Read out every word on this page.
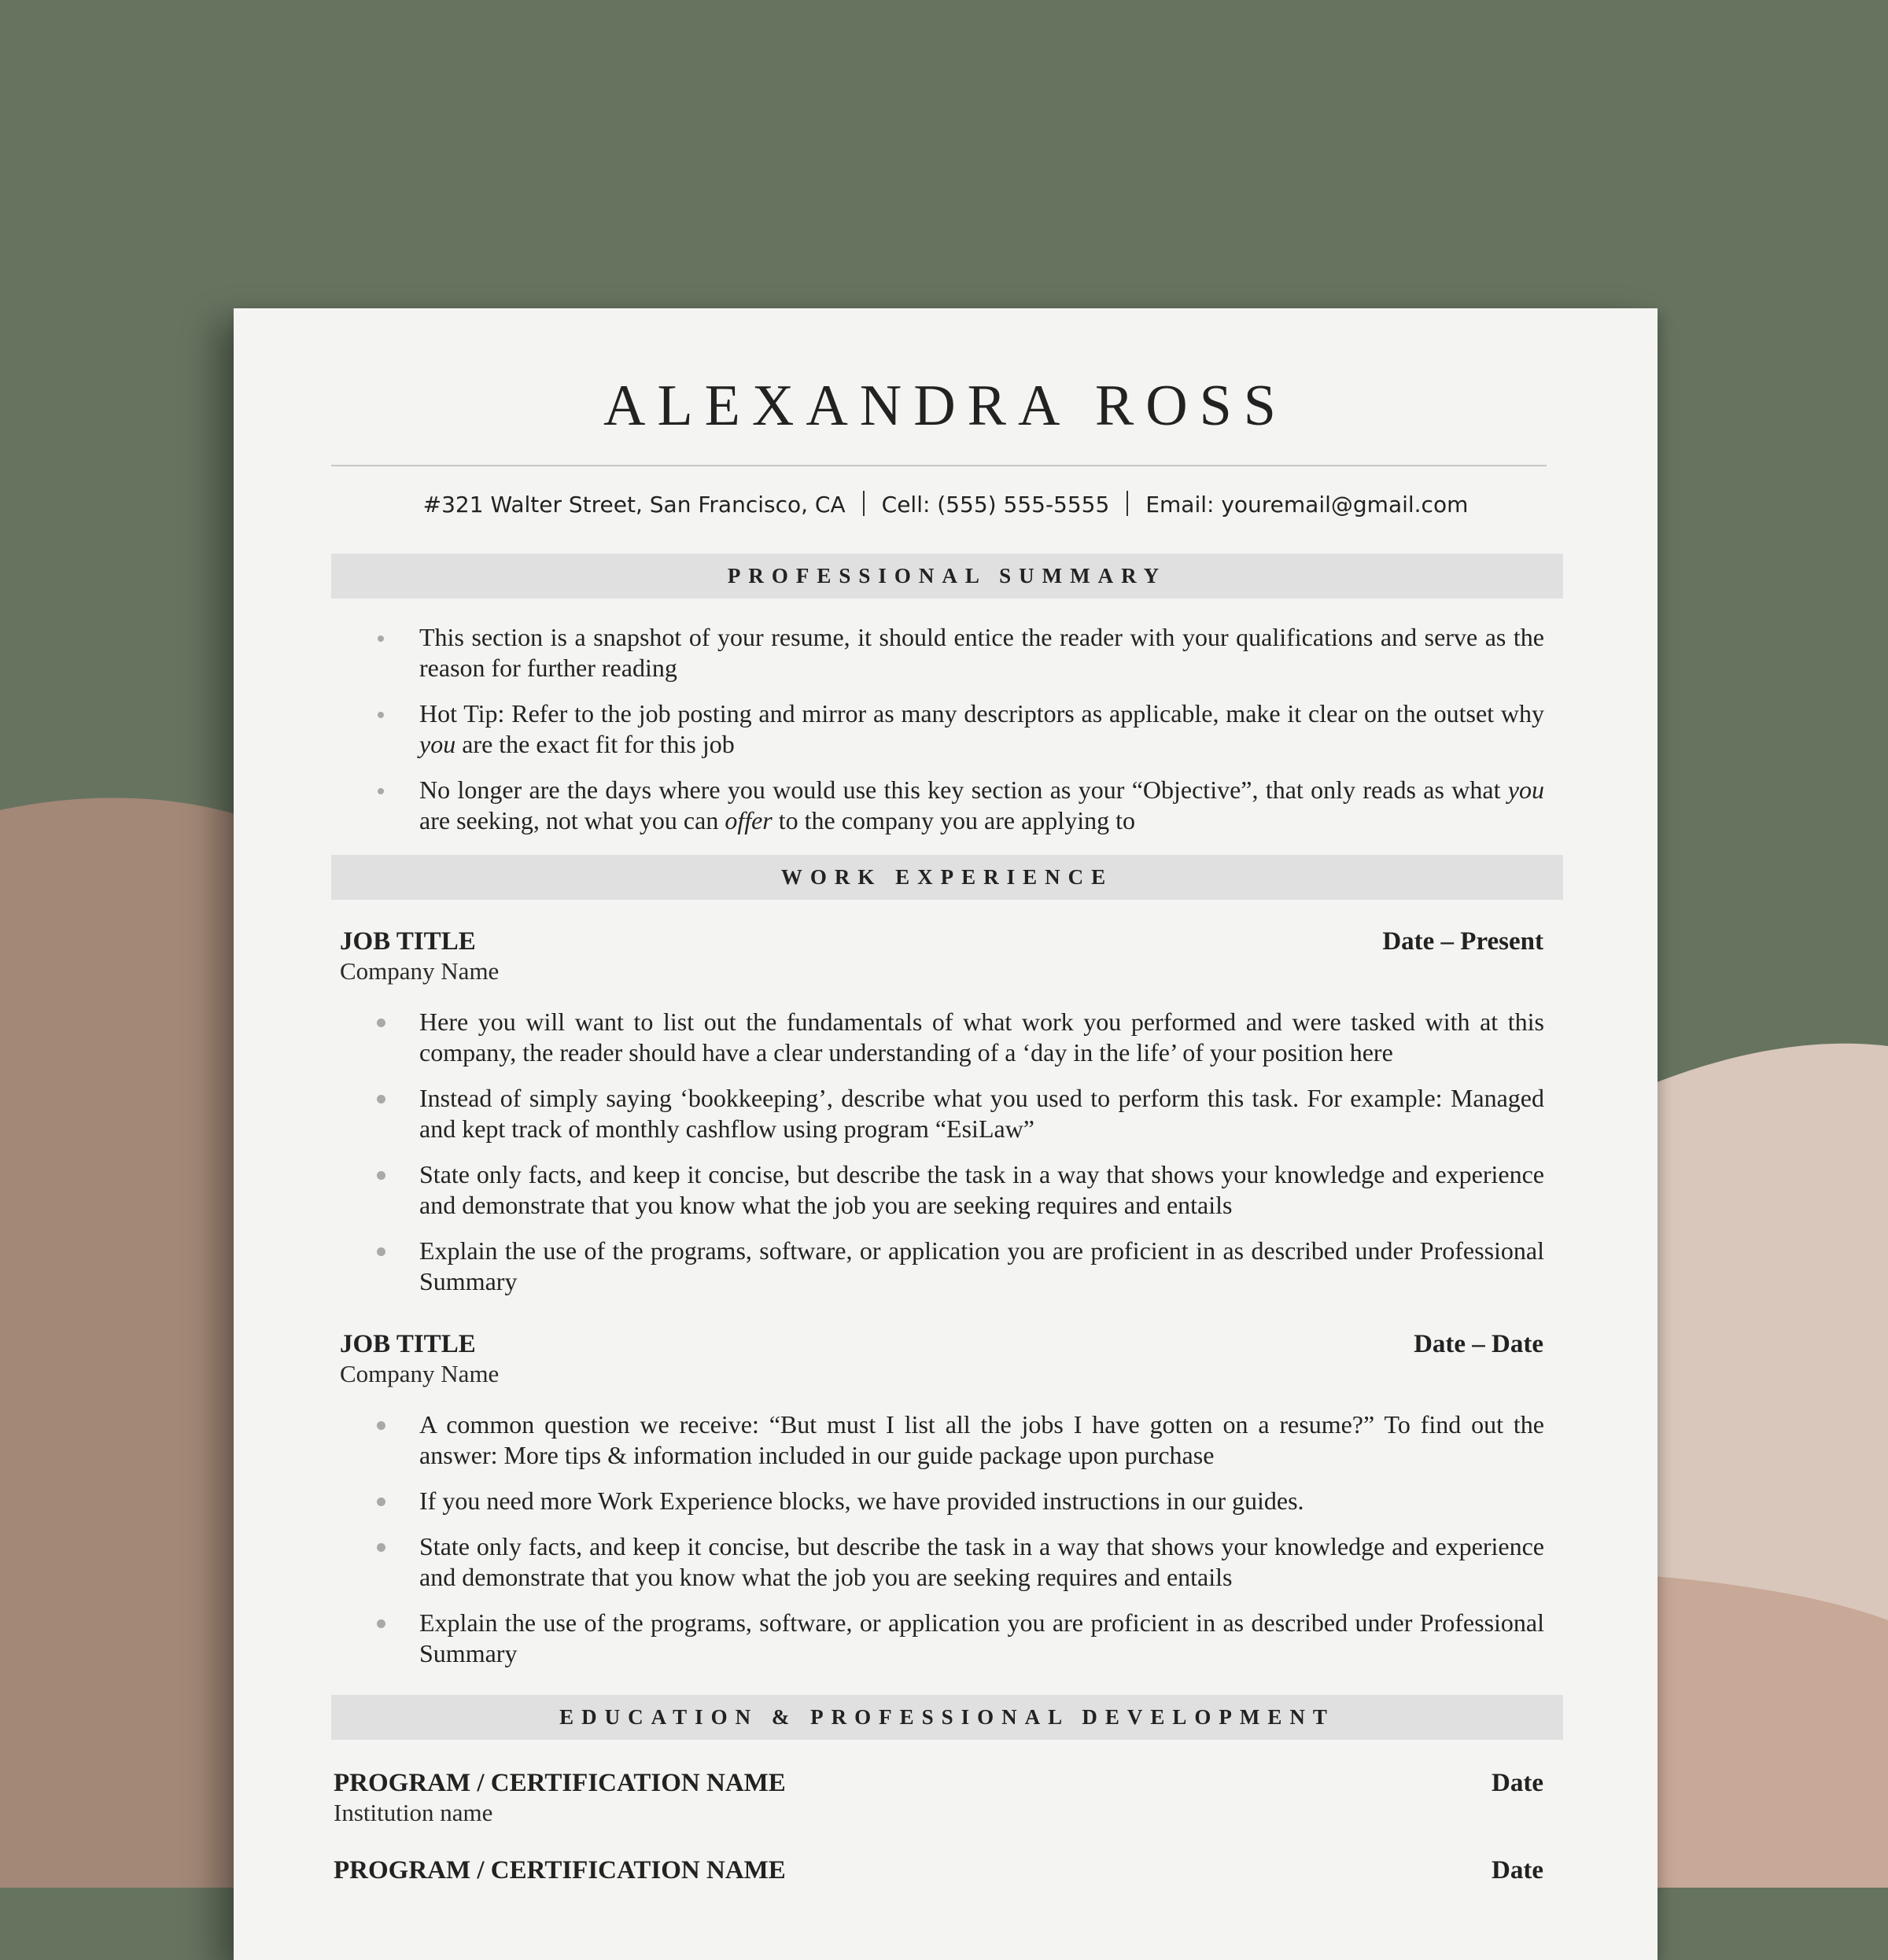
ALEXANDRA ROSS
#321 Walter Street, San Francisco, CA Cell: (555) 555-5555 Email: youremail@gmail.com
PROFESSIONAL SUMMARY
This section is a snapshot of your resume, it should entice the reader with your qualifications and serve as the reason for further reading
Hot Tip: Refer to the job posting and mirror as many descriptors as applicable, make it clear on the outset why you are the exact fit for this job
No longer are the days where you would use this key section as your “Objective”, that only reads as what you are seeking, not what you can offer to the company you are applying to
WORK EXPERIENCE
JOB TITLE	Date – Present
Company Name
Here you will want to list out the fundamentals of what work you performed and were tasked with at this company, the reader should have a clear understanding of a ‘day in the life’ of your position here
Instead of simply saying ‘bookkeeping’, describe what you used to perform this task. For example: Managed and kept track of monthly cashflow using program “EsiLaw”
State only facts, and keep it concise, but describe the task in a way that shows your knowledge and experience and demonstrate that you know what the job you are seeking requires and entails
Explain the use of the programs, software, or application you are proficient in as described under Professional Summary
JOB TITLE	Date – Date
Company Name
A common question we receive: “But must I list all the jobs I have gotten on a resume?” To find out the answer: More tips & information included in our guide package upon purchase
If you need more Work Experience blocks, we have provided instructions in our guides.
State only facts, and keep it concise, but describe the task in a way that shows your knowledge and experience and demonstrate that you know what the job you are seeking requires and entails
Explain the use of the programs, software, or application you are proficient in as described under Professional Summary
EDUCATION & PROFESSIONAL DEVELOPMENT
PROGRAM / CERTIFICATION NAME	Date
Institution name
PROGRAM / CERTIFICATION NAME	Date
